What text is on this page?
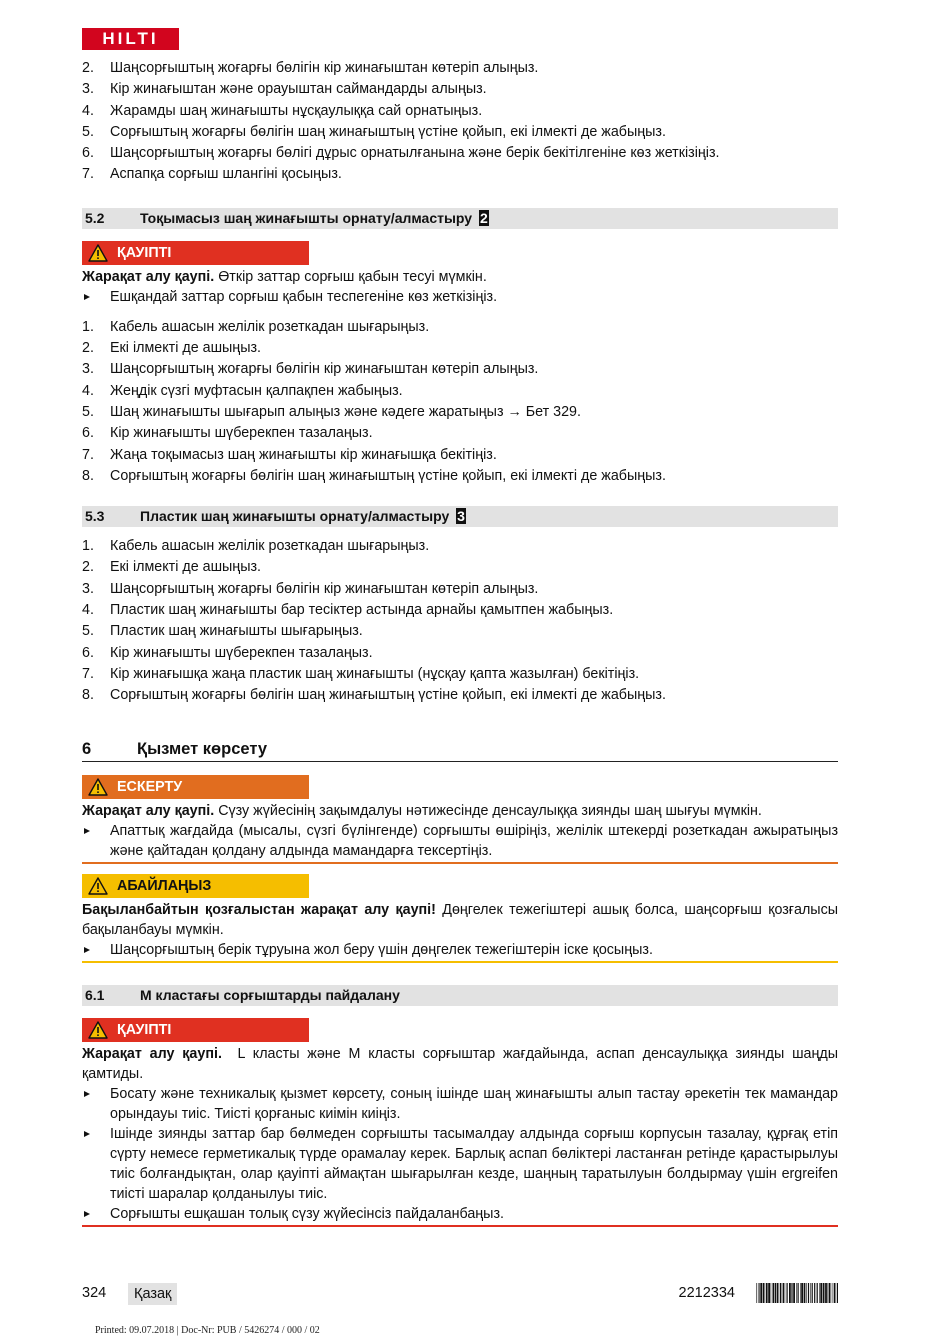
HILTI
2. Шаңсорғыштың жоғарғы бөлігін кір жинағыштан көтеріп алыңыз.
3. Кір жинағыштан және орауыштан саймандарды алыңыз.
4. Жарамды шаң жинағышты нұсқаулыққа сай орнатыңыз.
5. Сорғыштың жоғарғы бөлігін шаң жинағыштың үстіне қойып, екі ілмекті де жабыңыз.
6. Шаңсорғыштың жоғарғы бөлігі дұрыс орнатылғанына және берік бекітілгеніне көз жеткізіңіз.
7. Аспапқа сорғыш шлангіні қосыңыз.
5.2	Тоқымасыз шаң жинағышты орнату/алмастыру 2
ҚАУІПТІ
Жарақат алу қаупі. Өткір заттар сорғыш қабын тесуі мүмкін.
Ешқандай заттар сорғыш қабын теспегеніне көз жеткізіңіз.
1. Кабель ашасын желілік розеткадан шығарыңыз.
2. Екі ілмекті де ашыңыз.
3. Шаңсорғыштың жоғарғы бөлігін кір жинағыштан көтеріп алыңыз.
4. Жеңдік сүзгі муфтасын қалпақпен жабыңыз.
5. Шаң жинағышты шығарып алыңыз және кәдеге жаратыңыз → Бет 329.
6. Кір жинағышты шүберекпен тазалаңыз.
7. Жаңа тоқымасыз шаң жинағышты кір жинағышқа бекітіңіз.
8. Сорғыштың жоғарғы бөлігін шаң жинағыштың үстіне қойып, екі ілмекті де жабыңыз.
5.3	Пластик шаң жинағышты орнату/алмастыру 3
1. Кабель ашасын желілік розеткадан шығарыңыз.
2. Екі ілмекті де ашыңыз.
3. Шаңсорғыштың жоғарғы бөлігін кір жинағыштан көтеріп алыңыз.
4. Пластик шаң жинағышты бар тесіктер астында арнайы қамытпен жабыңыз.
5. Пластик шаң жинағышты шығарыңыз.
6. Кір жинағышты шүберекпен тазалаңыз.
7. Кір жинағышқа жаңа пластик шаң жинағышты (нұсқау қапта жазылған) бекітіңіз.
8. Сорғыштың жоғарғы бөлігін шаң жинағыштың үстіне қойып, екі ілмекті де жабыңыз.
6	Қызмет көрсету
ЕСКЕРТУ
Жарақат алу қаупі. Сүзу жүйесінің зақымдалуы нәтижесінде денсаулыққа зиянды шаң шығуы мүмкін.
Апаттық жағдайда (мысалы, сүзгі бүлінгенде) сорғышты өшіріңіз, желілік штекерді розеткадан ажыратыңыз және қайтадан қолдану алдында мамандарға тексертіңіз.
АБАЙЛАҢЫЗ
Бақыланбайтын қозғалыстан жарақат алу қаупі! Дөңгелек тежегіштері ашық болса, шаңсорғыш қозғалысы бақыланбауы мүмкін.
Шаңсорғыштың берік тұруына жол беру үшін дөңгелек тежегіштерін іске қосыңыз.
6.1	М кластағы сорғыштарды пайдалану
ҚАУІПТІ
Жарақат алу қаупі.  L класты және M класты сорғыштар жағдайында, аспап денсаулыққа зиянды шаңды қамтиды.
Босату және техникалық қызмет көрсету, соның ішінде шаң жинағышты алып тастау әрекетін тек мамандар орындауы тиіс. Тиісті қорғаныс киімін киіңіз.
Ішінде зиянды заттар бар бөлмеден сорғышты тасымалдау алдында сорғыш корпусын тазалау, құрғақ етіп сүрту немесе герметикалық түрде орамалау керек. Барлық аспап бөліктері ластанған ретінде қарастырылуы тиіс болғандықтан, олар қауіпті аймақтан шығарылған кезде, шаңның таратылуын болдырмау үшін ergreifen тиісті шаралар қолданылуы тиіс.
Сорғышты ешқашан толық сүзу жүйесінсіз пайдаланбаңыз.
324	Қазақ	2212334
Printed: 09.07.2018 | Doc-Nr: PUB / 5426274 / 000 / 02
